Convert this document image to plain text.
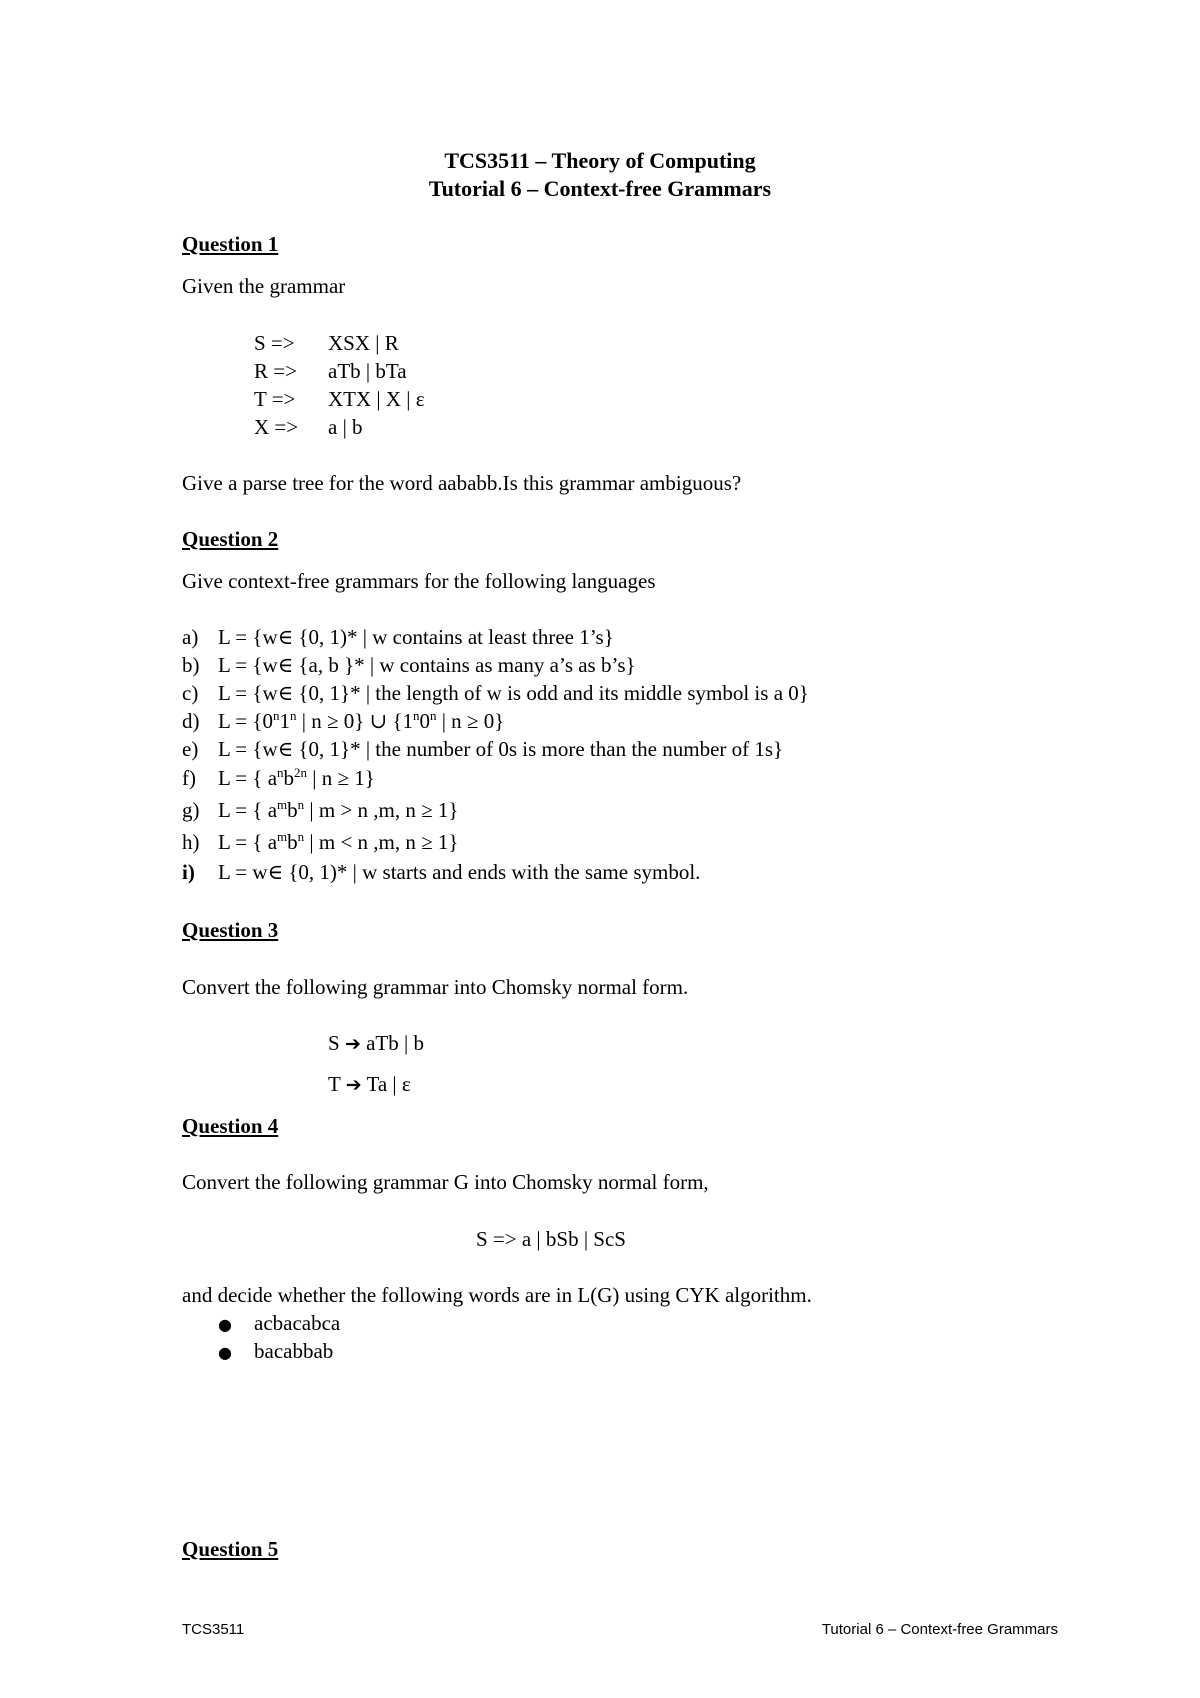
TCS3511 – Theory of Computing
Tutorial 6 – Context-free Grammars
Question 1
Given the grammar
S => XSX | R
R => aTb | bTa
T => XTX | X | ε
X => a | b
Give a parse tree for the word aababb.Is this grammar ambiguous?
Question 2
Give context-free grammars for the following languages
a) L = {w∈ {0, 1)* | w contains at least three 1’s}
b) L = {w∈ {a, b }* | w contains as many a’s as b’s}
c) L = {w∈ {0, 1}* | the length of w is odd and its middle symbol is a 0}
d) $L = \{0^n1^n$ | n ≥ 0} ∪ {1$^n$0$^n$ | n ≥ 0}
e) L = {w∈ {0, 1}* | the number of 0s is more than the number of 1s}
f) L = { $a^nb^{2n}$ | n ≥ 1}
g) L = { $a^mb^n$ | m > n ,m, n ≥ 1}
h) L = { $a^mb^n$ | m < n ,m, n ≥ 1}
i) L = w∈ {0, 1)* | w starts and ends with the same symbol.
Question 3
Convert the following grammar into Chomsky normal form.
S ➔ aTb | b
T ➔ Ta | ε
Question 4
Convert the following grammar G into Chomsky normal form,
S => a | bSb | ScS
and decide whether the following words are in L(G) using CYK algorithm.
● acbacabca
● bacabbab
Question 5
TCS3511	Tutorial 6 – Context-free Grammars
